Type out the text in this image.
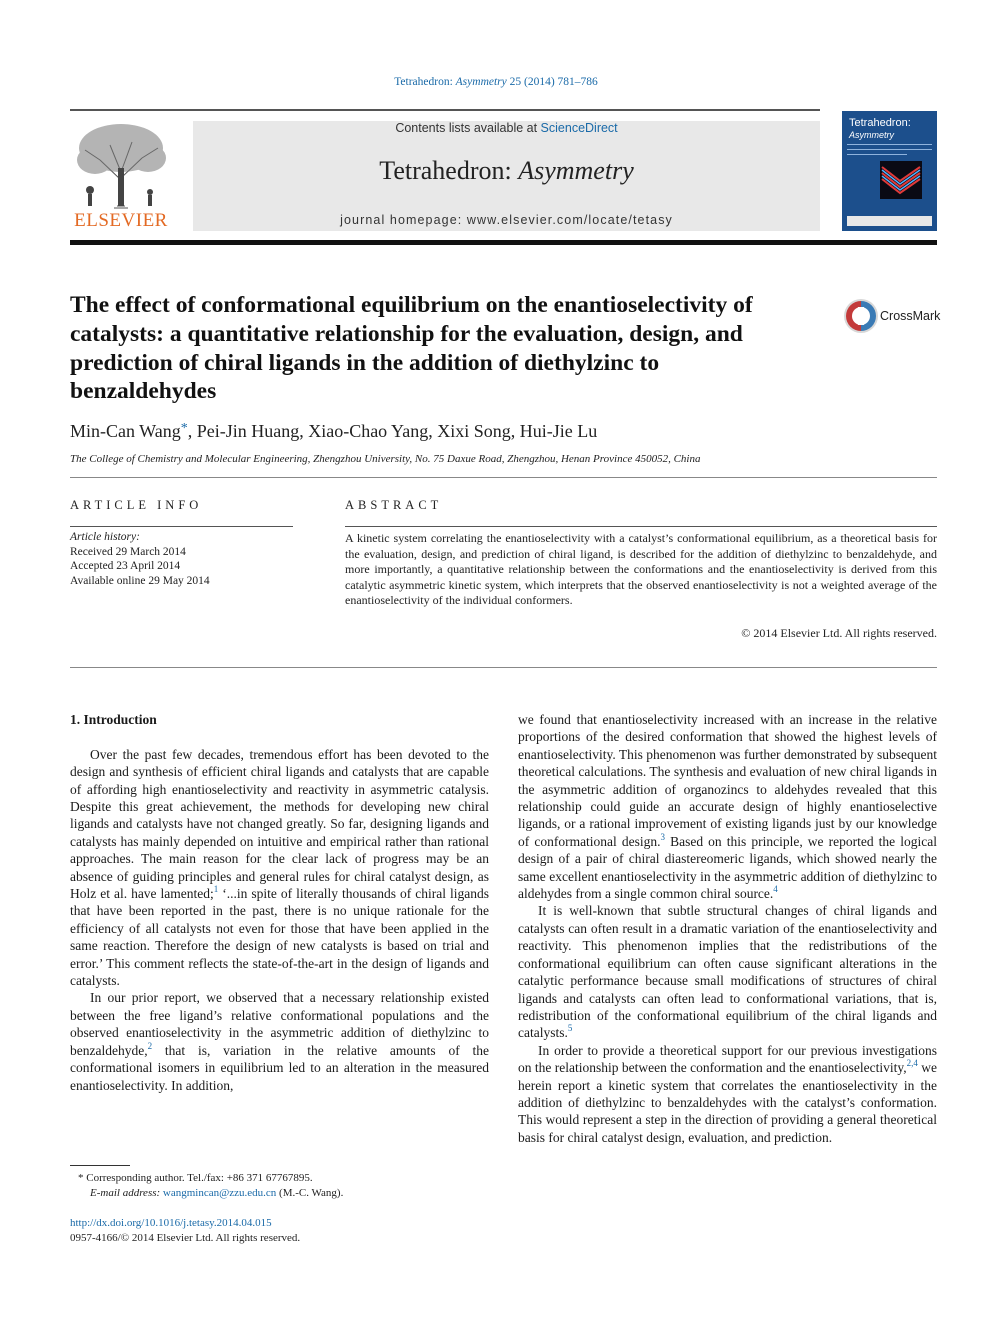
Tetrahedron: Asymmetry 25 (2014) 781–786
ELSEVIER
Contents lists available at ScienceDirect
Tetrahedron: Asymmetry
journal homepage: www.elsevier.com/locate/tetasy
Tetrahedron:
Asymmetry
The effect of conformational equilibrium on the enantioselectivity of catalysts: a quantitative relationship for the evaluation, design, and prediction of chiral ligands in the addition of diethylzinc to benzaldehydes
CrossMark
Min-Can Wang*, Pei-Jin Huang, Xiao-Chao Yang, Xixi Song, Hui-Jie Lu
The College of Chemistry and Molecular Engineering, Zhengzhou University, No. 75 Daxue Road, Zhengzhou, Henan Province 450052, China
ARTICLE INFO	ABSTRACT
Article history:
Received 29 March 2014
Accepted 23 April 2014
Available online 29 May 2014
A kinetic system correlating the enantioselectivity with a catalyst’s conformational equilibrium, as a theoretical basis for the evaluation, design, and prediction of chiral ligand, is described for the addition of diethylzinc to benzaldehyde, and more importantly, a quantitative relationship between the conformations and the enantioselectivity is derived from this catalytic asymmetric kinetic system, which interprets that the observed enantioselectivity is not a weighted average of the enantioselectivity of the individual conformers.
© 2014 Elsevier Ltd. All rights reserved.
1. Introduction

Over the past few decades, tremendous effort has been devoted to the design and synthesis of efficient chiral ligands and catalysts that are capable of affording high enantioselectivity and reactivity in asymmetric catalysis. Despite this great achievement, the methods for developing new chiral ligands and catalysts have not changed greatly. So far, designing ligands and catalysts has mainly depended on intuitive and empirical rather than rational approaches. The main reason for the clear lack of progress may be an absence of guiding principles and general rules for chiral catalyst design, as Holz et al. have lamented;$^1$ ‘...in spite of literally thousands of chiral ligands that have been reported in the past, there is no unique rationale for the efficiency of all catalysts not even for those that have been applied in the same reaction. Therefore the design of new catalysts is based on trial and error.’ This comment reflects the state-of-the-art in the design of ligands and catalysts.

In our prior report, we observed that a necessary relationship existed between the free ligand’s relative conformational populations and the observed enantioselectivity in the asymmetric addition of diethylzinc to benzaldehyde,$^2$ that is, variation in the relative amounts of the conformational isomers in equilibrium led to an alteration in the measured enantioselectivity. In addition,

we found that enantioselectivity increased with an increase in the relative proportions of the desired conformation that showed the highest levels of enantioselectivity. This phenomenon was further demonstrated by subsequent theoretical calculations. The synthesis and evaluation of new chiral ligands in the asymmetric addition of organozincs to aldehydes revealed that this relationship could guide an accurate design of highly enantioselective ligands, or a rational improvement of existing ligands just by our knowledge of conformational design.$^3$ Based on this principle, we reported the logical design of a pair of chiral diastereomeric ligands, which showed nearly the same excellent enantioselectivity in the asymmetric addition of diethylzinc to aldehydes from a single common chiral source.$^4$

It is well-known that subtle structural changes of chiral ligands and catalysts can often result in a dramatic variation of the enantioselectivity and reactivity. This phenomenon implies that the redistributions of the conformational equilibrium can often cause significant alterations in the catalytic performance because small modifications of structures of chiral ligands and catalysts can often lead to conformational variations, that is, redistribution of the conformational equilibrium of the chiral ligands and catalysts.$^5$

In order to provide a theoretical support for our previous investigations on the relationship between the conformation and the enantioselectivity,$^{2,4}$ we herein report a kinetic system that correlates the enantioselectivity in the addition of diethylzinc to benzaldehydes with the catalyst’s conformation. This would represent a step in the direction of providing a general theoretical basis for chiral catalyst design, evaluation, and prediction.

* Corresponding author. Tel./fax: +86 371 67767895.
E-mail address: wangmincan@zzu.edu.cn (M.-C. Wang).
http://dx.doi.org/10.1016/j.tetasy.2014.04.015
0957-4166/© 2014 Elsevier Ltd. All rights reserved.
